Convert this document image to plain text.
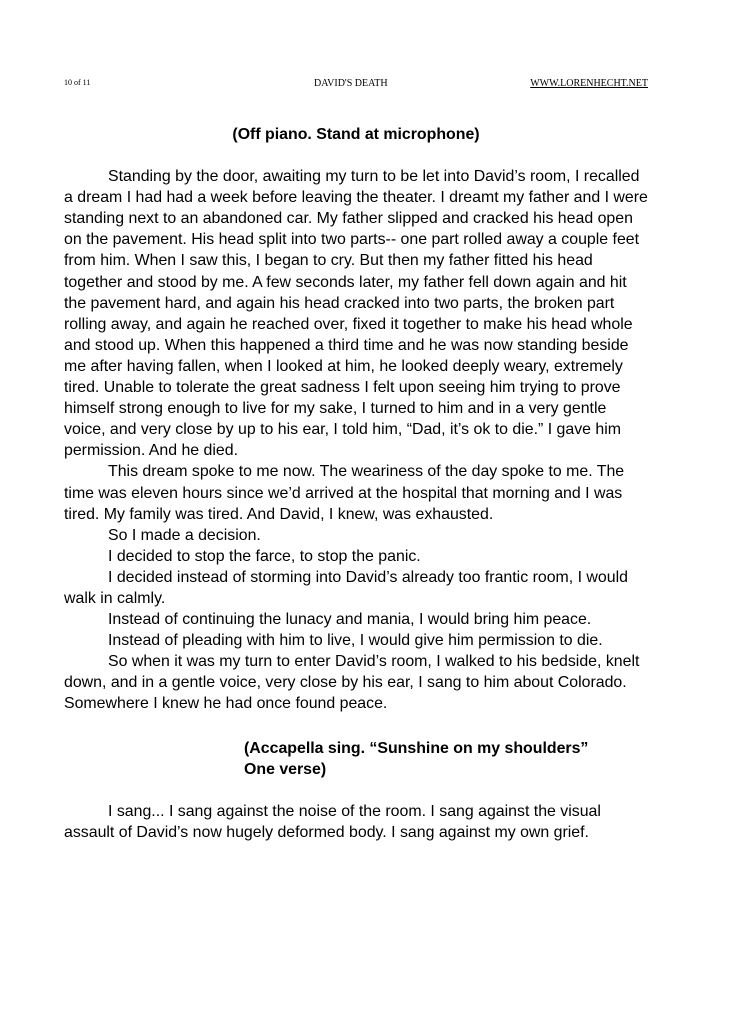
10 of 11	DAVID'S DEATH	WWW.LORENHECHT.NET

(Off piano. Stand at microphone)

Standing by the door, awaiting my turn to be let into David’s room, I recalled a dream I had had a week before leaving the theater. I dreamt my father and I were standing next to an abandoned car. My father slipped and cracked his head open on the pavement. His head split into two parts-- one part rolled away a couple feet from him. When I saw this, I began to cry. But then my father fitted his head together and stood by me. A few seconds later, my father fell down again and hit the pavement hard, and again his head cracked into two parts, the broken part rolling away, and again he reached over, fixed it together to make his head whole and stood up. When this happened a third time and he was now standing beside me after having fallen, when I looked at him, he looked deeply weary, extremely tired. Unable to tolerate the great sadness I felt upon seeing him trying to prove himself strong enough to live for my sake, I turned to him and in a very gentle voice, and very close by up to his ear, I told him, “Dad, it’s ok to die.” I gave him permission. And he died.

This dream spoke to me now. The weariness of the day spoke to me. The time was eleven hours since we’d arrived at the hospital that morning and I was tired. My family was tired. And David, I knew, was exhausted.

So I made a decision.

I decided to stop the farce, to stop the panic.

I decided instead of storming into David’s already too frantic room, I would walk in calmly.

Instead of continuing the lunacy and mania, I would bring him peace.

Instead of pleading with him to live, I would give him permission to die.

So when it was my turn to enter David’s room, I walked to his bedside, knelt down, and in a gentle voice, very close by his ear, I sang to him about Colorado. Somewhere I knew he had once found peace.

(Accapella sing. “Sunshine on my shoulders”
One verse)

I sang... I sang against the noise of the room. I sang against the visual assault of David’s now hugely deformed body. I sang against my own grief.
